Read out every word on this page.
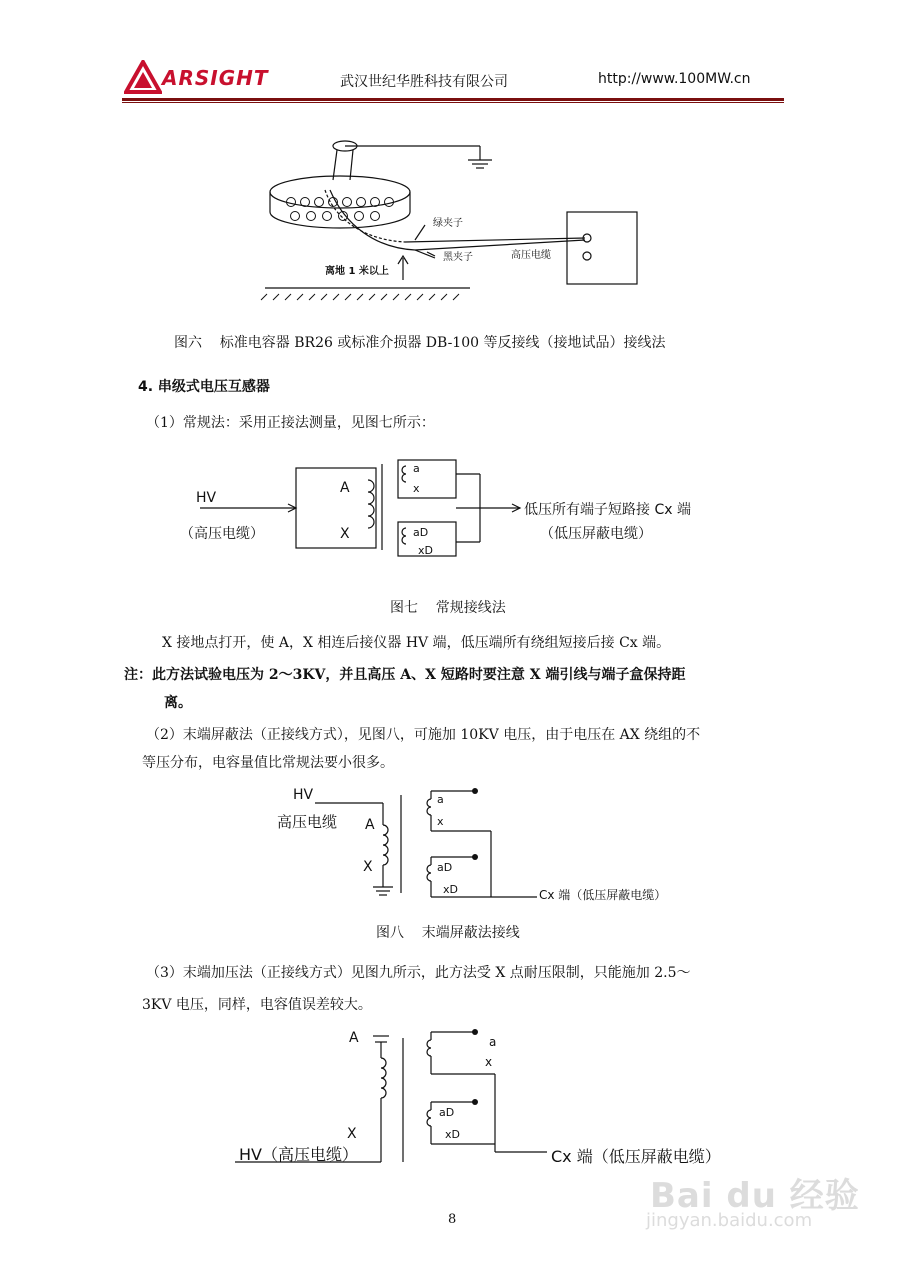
ARSIGHT	武汉世纪华胜科技有限公司	http://www.100MW.cn
绿夹子
黑夹子	高压电缆
离地 1 米以上
图六    标准电容器 BR26 或标准介损器 DB-100 等反接线（接地试品）接线法
4. 串级式电压互感器
（1）常规法：采用正接法测量，见图七所示：
HV
（高压电缆）
A
X
a
x
aD
xD
低压所有端子短路接 Cx 端
（低压屏蔽电缆）
图七    常规接线法
X 接地点打开，使 A，X 相连后接仪器 HV 端，低压端所有绕组短接后接 Cx 端。
注：此方法试验电压为 2～3KV，并且高压 A、X 短路时要注意 X 端引线与端子盒保持距
离。
（2）末端屏蔽法（正接线方式），见图八，可施加 10KV 电压，由于电压在 AX 绕组的不
等压分布，电容量值比常规法要小很多。
HV
高压电缆 A
X
a
x
aD
xD	Cx 端（低压屏蔽电缆）
图八    末端屏蔽法接线
（3）末端加压法（正接线方式）见图九所示，此方法受 X 点耐压限制，只能施加 2.5～
3KV 电压，同样，电容值误差较大。
A
X
a
x
aD
xD
HV（高压电缆）	Cx 端（低压屏蔽电缆）
8
Bai du 经验
jingyan.baidu.com
